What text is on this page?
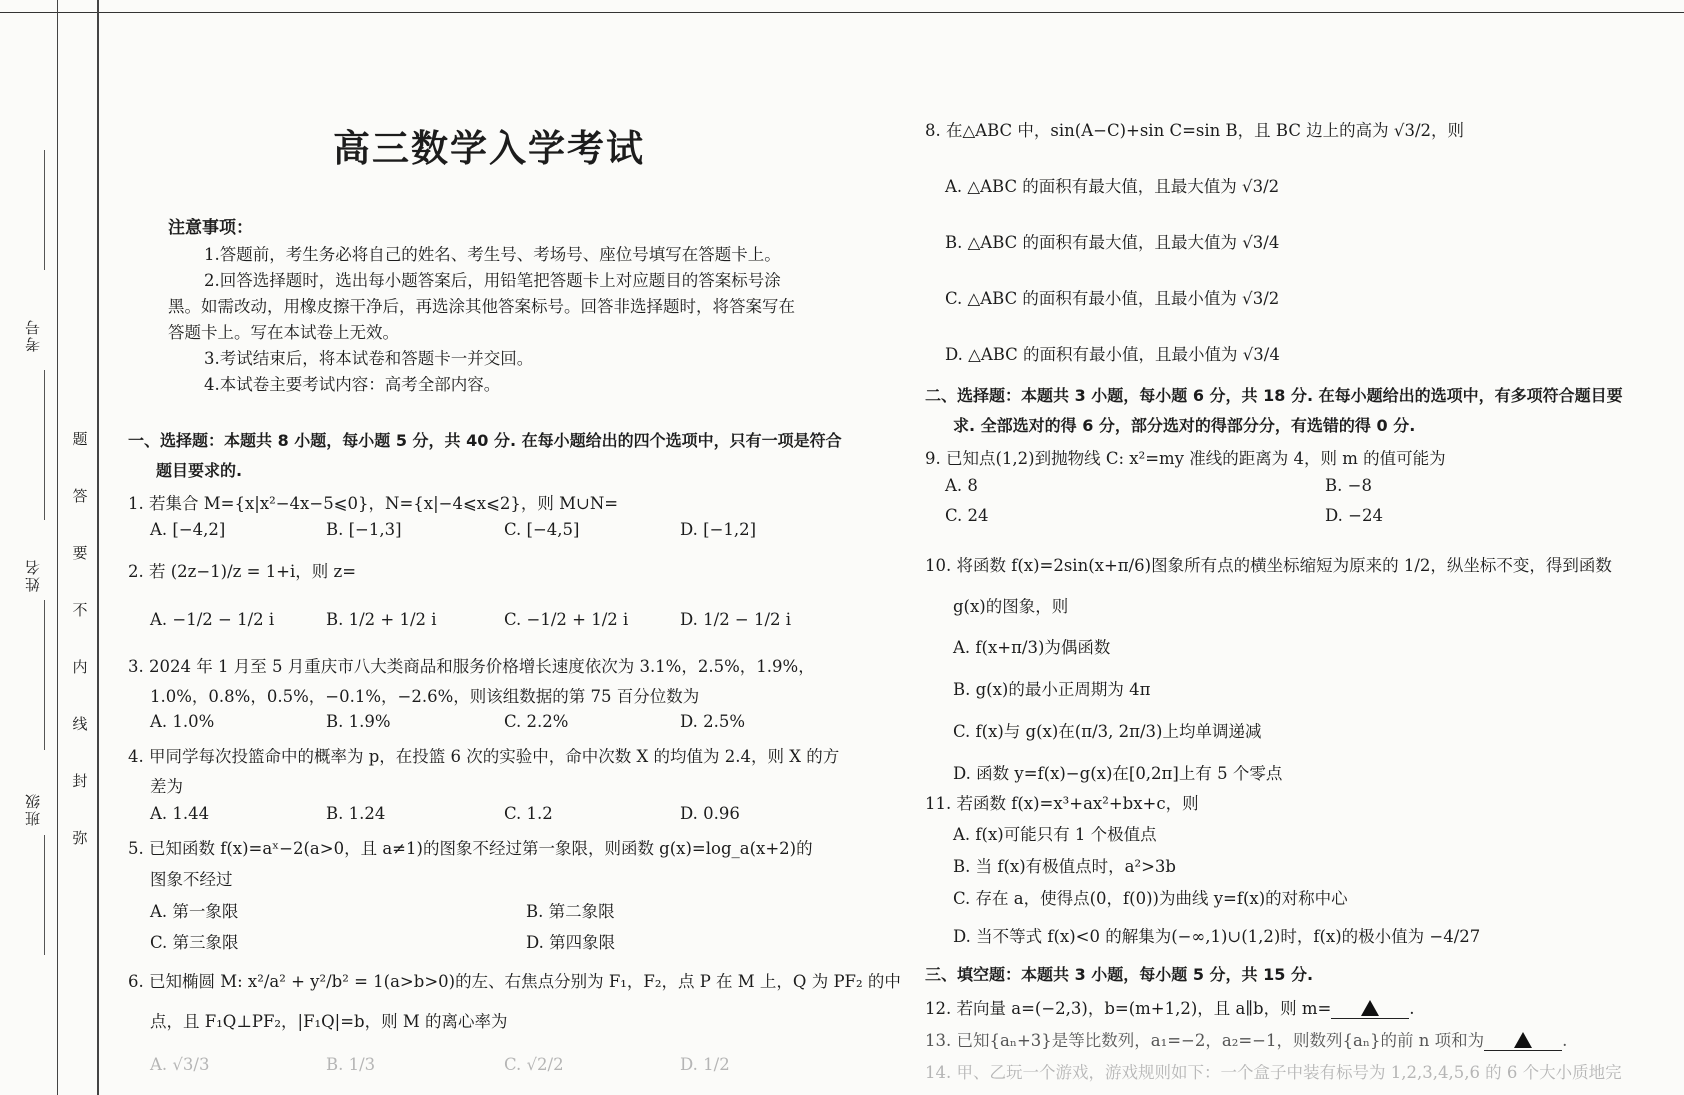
考号
姓名
班级
题
答
要
不
内
线
封
弥
高三数学入学考试
注意事项：
1.答题前，考生务必将自己的姓名、考生号、考场号、座位号填写在答题卡上。
2.回答选择题时，选出每小题答案后，用铅笔把答题卡上对应题目的答案标号涂
黑。如需改动，用橡皮擦干净后，再选涂其他答案标号。回答非选择题时，将答案写在
答题卡上。写在本试卷上无效。
3.考试结束后，将本试卷和答题卡一并交回。
4.本试卷主要考试内容：高考全部内容。
一、选择题：本题共 8 小题，每小题 5 分，共 40 分. 在每小题给出的四个选项中，只有一项是符合
题目要求的.
1. 若集合 M={x|x²−4x−5⩽0}，N={x|−4⩽x⩽2}，则 M∪N=
A. [−4,2]	B. [−1,3]	C. [−4,5]	D. [−1,2]
2. 若 (2z−1)/z = 1+i，则 z=
A. −1/2 − 1/2 i	B. 1/2 + 1/2 i	C. −1/2 + 1/2 i	D. 1/2 − 1/2 i
3. 2024 年 1 月至 5 月重庆市八大类商品和服务价格增长速度依次为 3.1%，2.5%，1.9%，
1.0%，0.8%，0.5%，−0.1%，−2.6%，则该组数据的第 75 百分位数为
A. 1.0%	B. 1.9%	C. 2.2%	D. 2.5%
4. 甲同学每次投篮命中的概率为 p，在投篮 6 次的实验中，命中次数 X 的均值为 2.4，则 X 的方
差为
A. 1.44	B. 1.24	C. 1.2	D. 0.96
5. 已知函数 f(x)=aˣ−2(a>0，且 a≠1)的图象不经过第一象限，则函数 g(x)=log_a(x+2)的
图象不经过
A. 第一象限	B. 第二象限
C. 第三象限	D. 第四象限
6. 已知椭圆 M: x²/a² + y²/b² = 1(a>b>0)的左、右焦点分别为 F₁，F₂，点 P 在 M 上，Q 为 PF₂ 的中
点，且 F₁Q⊥PF₂，|F₁Q|=b，则 M 的离心率为
A. √3/3	B. 1/3	C. √2/2	D. 1/2
8. 在△ABC 中，sin(A−C)+sin C=sin B，且 BC 边上的高为 √3/2，则
A. △ABC 的面积有最大值，且最大值为 √3/2
B. △ABC 的面积有最大值，且最大值为 √3/4
C. △ABC 的面积有最小值，且最小值为 √3/2
D. △ABC 的面积有最小值，且最小值为 √3/4
二、选择题：本题共 3 小题，每小题 6 分，共 18 分. 在每小题给出的选项中，有多项符合题目要
求. 全部选对的得 6 分，部分选对的得部分分，有选错的得 0 分.
9. 已知点(1,2)到抛物线 C: x²=my 准线的距离为 4，则 m 的值可能为
A. 8	B. −8
C. 24	D. −24
10. 将函数 f(x)=2sin(x+π/6)图象所有点的横坐标缩短为原来的 1/2，纵坐标不变，得到函数
g(x)的图象，则
A. f(x+π/3)为偶函数
B. g(x)的最小正周期为 4π
C. f(x)与 g(x)在(π/3, 2π/3)上均单调递减
D. 函数 y=f(x)−g(x)在[0,2π]上有 5 个零点
11. 若函数 f(x)=x³+ax²+bx+c，则
A. f(x)可能只有 1 个极值点
B. 当 f(x)有极值点时，a²>3b
C. 存在 a，使得点(0，f(0))为曲线 y=f(x)的对称中心
D. 当不等式 f(x)<0 的解集为(−∞,1)∪(1,2)时，f(x)的极小值为 −4/27
三、填空题：本题共 3 小题，每小题 5 分，共 15 分.
12. 若向量 a=(−2,3)，b=(m+1,2)，且 a∥b，则 m=	.
13. 已知{aₙ+3}是等比数列，a₁=−2，a₂=−1，则数列{aₙ}的前 n 项和为	.
14. 甲、乙玩一个游戏，游戏规则如下：一个盒子中装有标号为 1,2,3,4,5,6 的 6 个大小质地完
